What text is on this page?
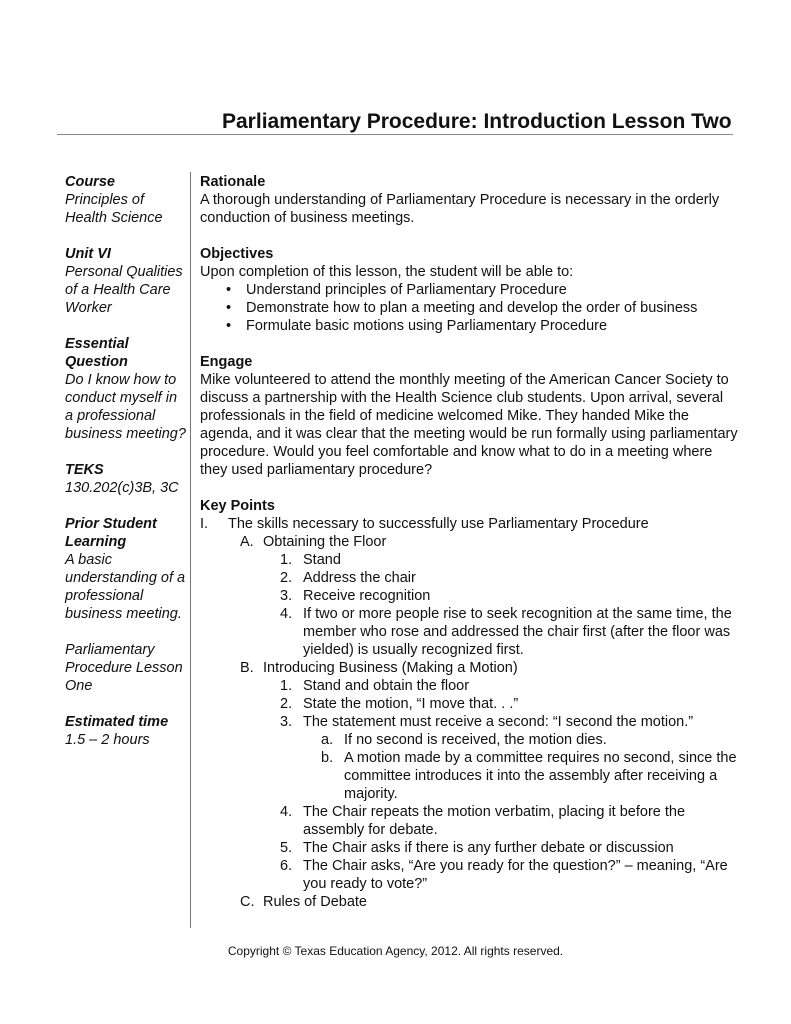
Parliamentary Procedure: Introduction Lesson Two
Course
Principles of Health Science
Unit VI
Personal Qualities of a Health Care Worker
Essential Question
Do I know how to conduct myself in a professional business meeting?
TEKS
130.202(c)3B, 3C
Prior Student Learning
A basic understanding of a professional business meeting.
Parliamentary Procedure Lesson One
Estimated time
1.5 – 2 hours
Rationale
A thorough understanding of Parliamentary Procedure is necessary in the orderly conduction of business meetings.
Objectives
Upon completion of this lesson, the student will be able to:
• Understand principles of Parliamentary Procedure
• Demonstrate how to plan a meeting and develop the order of business
• Formulate basic motions using Parliamentary Procedure
Engage
Mike volunteered to attend the monthly meeting of the American Cancer Society to discuss a partnership with the Health Science club students. Upon arrival, several professionals in the field of medicine welcomed Mike. They handed Mike the agenda, and it was clear that the meeting would be run formally using parliamentary procedure. Would you feel comfortable and know what to do in a meeting where they used parliamentary procedure?
Key Points
I.	The skills necessary to successfully use Parliamentary Procedure
A. Obtaining the Floor
1. Stand
2. Address the chair
3. Receive recognition
4. If two or more people rise to seek recognition at the same time, the member who rose and addressed the chair first (after the floor was yielded) is usually recognized first.
B. Introducing Business (Making a Motion)
1. Stand and obtain the floor
2. State the motion, “I move that. . .”
3. The statement must receive a second: “I second the motion.”
a. If no second is received, the motion dies.
b. A motion made by a committee requires no second, since the committee introduces it into the assembly after receiving a majority.
4. The Chair repeats the motion verbatim, placing it before the assembly for debate.
5. The Chair asks if there is any further debate or discussion
6. The Chair asks, “Are you ready for the question?” – meaning, “Are you ready to vote?”
C. Rules of Debate
Copyright © Texas Education Agency, 2012. All rights reserved.
